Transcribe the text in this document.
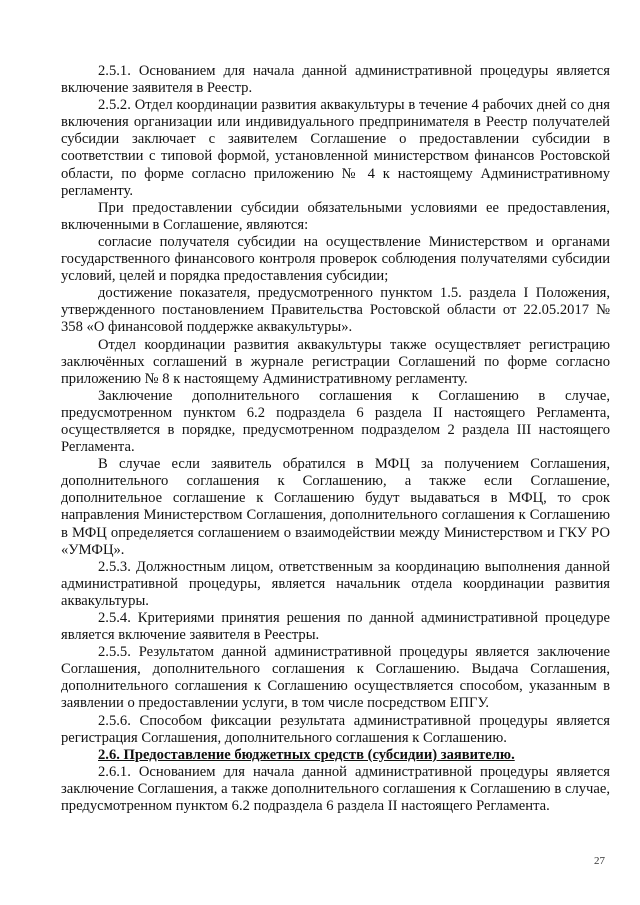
2.5.1. Основанием для начала данной административной процедуры является включение заявителя в Реестр.

2.5.2. Отдел координации развития аквакультуры в течение 4 рабочих дней со дня включения организации или индивидуального предпринимателя в Реестр получателей субсидии заключает с заявителем Соглашение о предоставлении субсидии в соответствии с типовой формой, установленной министерством финансов Ростовской области, по форме согласно приложению № 4 к настоящему Административному регламенту.

При предоставлении субсидии обязательными условиями ее предоставления, включенными в Соглашение, являются:

согласие получателя субсидии на осуществление Министерством и органами государственного финансового контроля проверок соблюдения получателями субсидии условий, целей и порядка предоставления субсидии;

достижение показателя, предусмотренного пунктом 1.5. раздела I Положения, утвержденного постановлением Правительства Ростовской области от 22.05.2017 № 358 «О финансовой поддержке аквакультуры».

Отдел координации развития аквакультуры также осуществляет регистрацию заключённых соглашений в журнале регистрации Соглашений по форме согласно приложению № 8 к настоящему Административному регламенту.

Заключение дополнительного соглашения к Соглашению в случае, предусмотренном пунктом 6.2 подраздела 6 раздела II настоящего Регламента, осуществляется в порядке, предусмотренном подразделом 2 раздела III настоящего Регламента.

В случае если заявитель обратился в МФЦ за получением Соглашения, дополнительного соглашения к Соглашению, а также если Соглашение, дополнительное соглашение к Соглашению будут выдаваться в МФЦ, то срок направления Министерством Соглашения, дополнительного соглашения к Соглашению в МФЦ определяется соглашением о взаимодействии между Министерством и ГКУ РО «УМФЦ».

2.5.3. Должностным лицом, ответственным за координацию выполнения данной административной процедуры, является начальник отдела координации развития аквакультуры.

2.5.4. Критериями принятия решения по данной административной процедуре является включение заявителя в Реестры.

2.5.5. Результатом данной административной процедуры является заключение Соглашения, дополнительного соглашения к Соглашению. Выдача Соглашения, дополнительного соглашения к Соглашению осуществляется способом, указанным в заявлении о предоставлении услуги, в том числе посредством ЕПГУ.

2.5.6. Способом фиксации результата административной процедуры является регистрация Соглашения, дополнительного соглашения к Соглашению.

2.6. Предоставление бюджетных средств (субсидии) заявителю.

2.6.1. Основанием для начала данной административной процедуры является заключение Соглашения, а также дополнительного соглашения к Соглашению в случае, предусмотренном пунктом 6.2 подраздела 6 раздела II настоящего Регламента.

27
